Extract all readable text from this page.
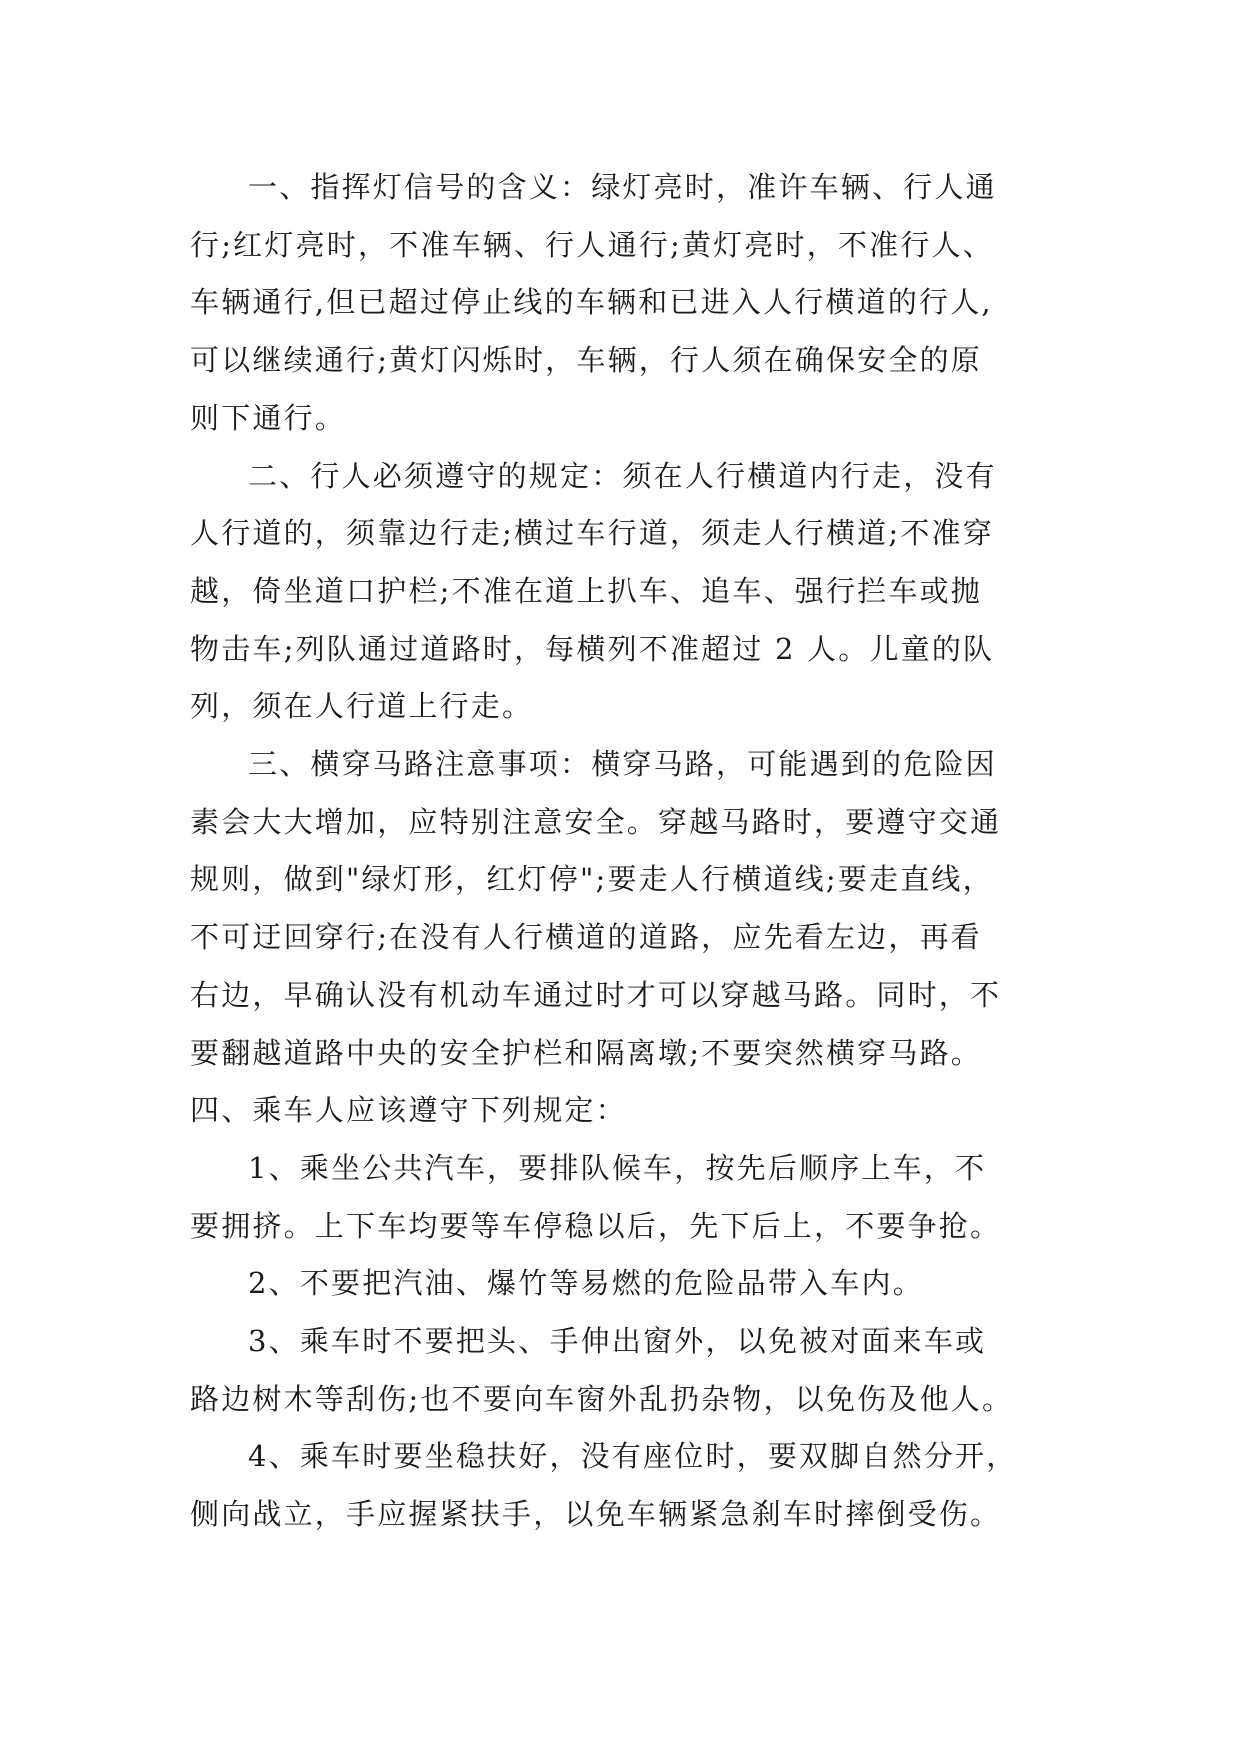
一、指挥灯信号的含义：绿灯亮时，准许车辆、行人通
行;红灯亮时，不准车辆、行人通行;黄灯亮时，不准行人、
车辆通行,但已超过停止线的车辆和已进入人行横道的行人,
可以继续通行;黄灯闪烁时，车辆，行人须在确保安全的原
则下通行。

二、行人必须遵守的规定：须在人行横道内行走，没有
人行道的，须靠边行走;横过车行道，须走人行横道;不准穿
越，倚坐道口护栏;不准在道上扒车、追车、强行拦车或抛
物击车;列队通过道路时，每横列不准超过 2 人。儿童的队
列，须在人行道上行走。

三、横穿马路注意事项：横穿马路，可能遇到的危险因
素会大大增加，应特别注意安全。穿越马路时，要遵守交通
规则，做到"绿灯形，红灯停";要走人行横道线;要走直线，
不可迂回穿行;在没有人行横道的道路，应先看左边，再看
右边，早确认没有机动车通过时才可以穿越马路。同时，不
要翻越道路中央的安全护栏和隔离墩;不要突然横穿马路。

四、乘车人应该遵守下列规定：

1、乘坐公共汽车，要排队候车，按先后顺序上车，不
要拥挤。上下车均要等车停稳以后，先下后上，不要争抢。

2、不要把汽油、爆竹等易燃的危险品带入车内。

3、乘车时不要把头、手伸出窗外，以免被对面来车或
路边树木等刮伤;也不要向车窗外乱扔杂物，以免伤及他人。

4、乘车时要坐稳扶好，没有座位时，要双脚自然分开，
侧向战立，手应握紧扶手，以免车辆紧急刹车时摔倒受伤。
